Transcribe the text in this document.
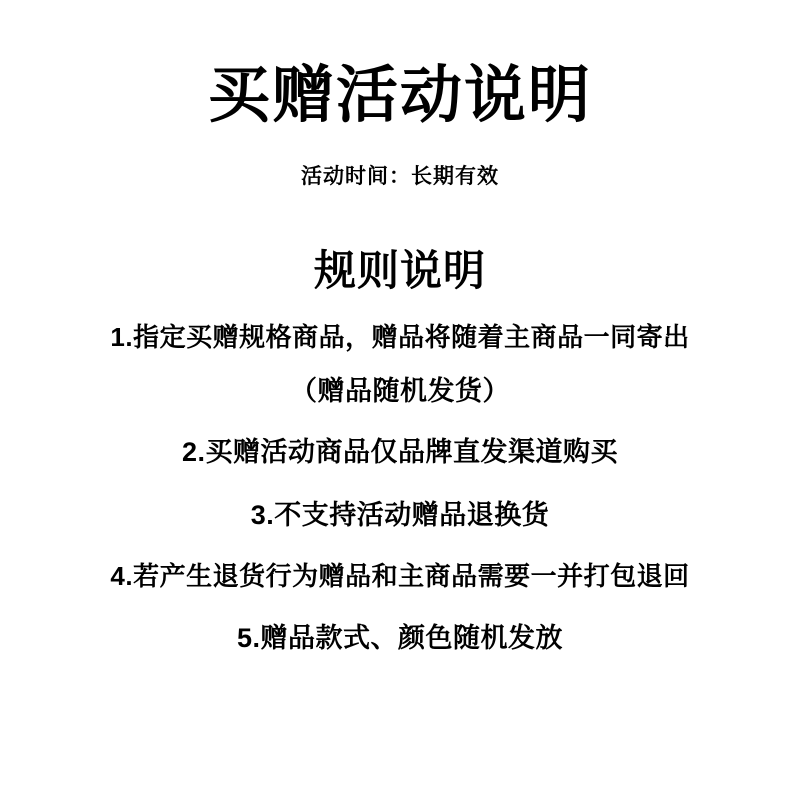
买赠活动说明
活动时间：长期有效
规则说明
1.指定买赠规格商品，赠品将随着主商品一同寄出
（赠品随机发货）
2.买赠活动商品仅品牌直发渠道购买
3.不支持活动赠品退换货
4.若产生退货行为赠品和主商品需要一并打包退回
5.赠品款式、颜色随机发放
